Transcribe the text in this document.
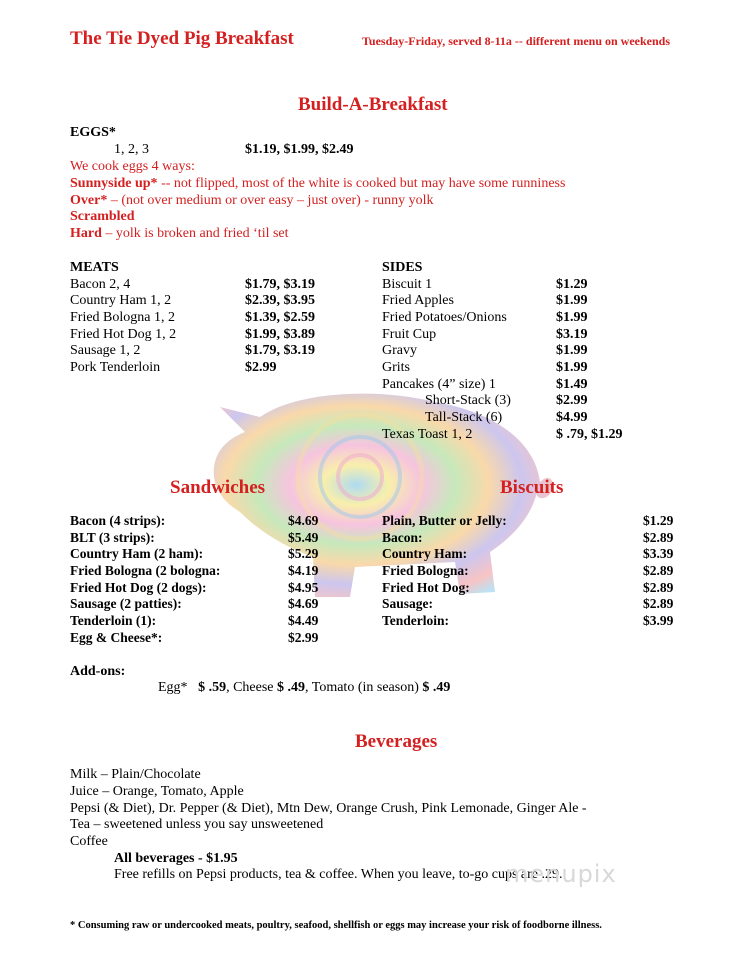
The Tie Dyed Pig Breakfast	Tuesday-Friday, served 8-11a -- different menu on weekends
Build-A-Breakfast
EGGS*
1, 2, 3	$1.19, $1.99, $2.49
We cook eggs 4 ways:
Sunnyside up* -- not flipped, most of the white is cooked but may have some runniness
Over* – (not over medium or over easy – just over) - runny yolk
Scrambled
Hard – yolk is broken and fried ‘til set
MEATS
Bacon 2, 4	$1.79, $3.19
Country Ham 1, 2	$2.39, $3.95
Fried Bologna 1, 2	$1.39, $2.59
Fried Hot Dog 1, 2	$1.99, $3.89
Sausage 1, 2	$1.79, $3.19
Pork Tenderloin	$2.99
SIDES
Biscuit 1	$1.29
Fried Apples	$1.99
Fried Potatoes/Onions	$1.99
Fruit Cup	$3.19
Gravy	$1.99
Grits	$1.99
Pancakes (4” size) 1	$1.49
Short-Stack (3)	$2.99
Tall-Stack (6)	$4.99
Texas Toast 1, 2	$ .79, $1.29
Sandwiches
Bacon (4 strips):	$4.69
BLT (3 strips):	$5.49
Country Ham (2 ham):	$5.29
Fried Bologna (2 bologna:	$4.19
Fried Hot Dog (2 dogs):	$4.95
Sausage (2 patties):	$4.69
Tenderloin (1):	$4.49
Egg & Cheese*:	$2.99
Biscuits
Plain, Butter or Jelly:	$1.29
Bacon:	$2.89
Country Ham:	$3.39
Fried Bologna:	$2.89
Fried Hot Dog:	$2.89
Sausage:	$2.89
Tenderloin:	$3.99
Add-ons:
Egg* $ .59, Cheese $ .49, Tomato (in season) $ .49
Beverages
Milk – Plain/Chocolate
Juice – Orange, Tomato, Apple
Pepsi (& Diet), Dr. Pepper (& Diet), Mtn Dew, Orange Crush, Pink Lemonade, Ginger Ale -
Tea – sweetened unless you say unsweetened
Coffee
All beverages - $1.95
Free refills on Pepsi products, tea & coffee. When you leave, to-go cups are .29.
menupix
* Consuming raw or undercooked meats, poultry, seafood, shellfish or eggs may increase your risk of foodborne illness.
